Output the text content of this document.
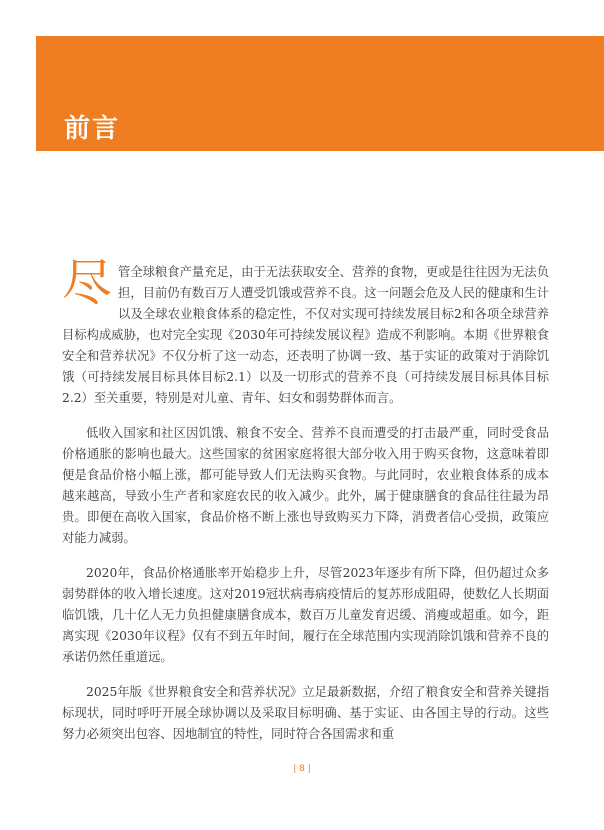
前言

尽管全球粮食产量充足，由于无法获取安全、营养的食物，更或是往往因为无法负担，目前仍有数百万人遭受饥饿或营养不良。这一问题会危及人民的健康和生计以及全球农业粮食体系的稳定性，不仅对实现可持续发展目标2和各项全球营养目标构成威胁，也对完全实现《2030年可持续发展议程》造成不利影响。本期《世界粮食安全和营养状况》不仅分析了这一动态，还表明了协调一致、基于实证的政策对于消除饥饿（可持续发展目标具体目标2.1）以及一切形式的营养不良（可持续发展目标具体目标2.2）至关重要，特别是对儿童、青年、妇女和弱势群体而言。

低收入国家和社区因饥饿、粮食不安全、营养不良而遭受的打击最严重，同时受食品价格通胀的影响也最大。这些国家的贫困家庭将很大部分收入用于购买食物，这意味着即便是食品价格小幅上涨，都可能导致人们无法购买食物。与此同时，农业粮食体系的成本越来越高，导致小生产者和家庭农民的收入减少。此外，属于健康膳食的食品往往最为昂贵。即便在高收入国家，食品价格不断上涨也导致购买力下降，消费者信心受损，政策应对能力减弱。

2020年，食品价格通胀率开始稳步上升，尽管2023年逐步有所下降，但仍超过众多弱势群体的收入增长速度。这对2019冠状病毒病疫情后的复苏形成阻碍，使数亿人长期面临饥饿，几十亿人无力负担健康膳食成本，数百万儿童发育迟缓、消瘦或超重。如今，距离实现《2030年议程》仅有不到五年时间，履行在全球范围内实现消除饥饿和营养不良的承诺仍然任重道远。

2025年版《世界粮食安全和营养状况》立足最新数据，介绍了粮食安全和营养关键指标现状，同时呼吁开展全球协调以及采取目标明确、基于实证、由各国主导的行动。这些努力必须突出包容、因地制宜的特性，同时符合各国需求和重

| 8 |
